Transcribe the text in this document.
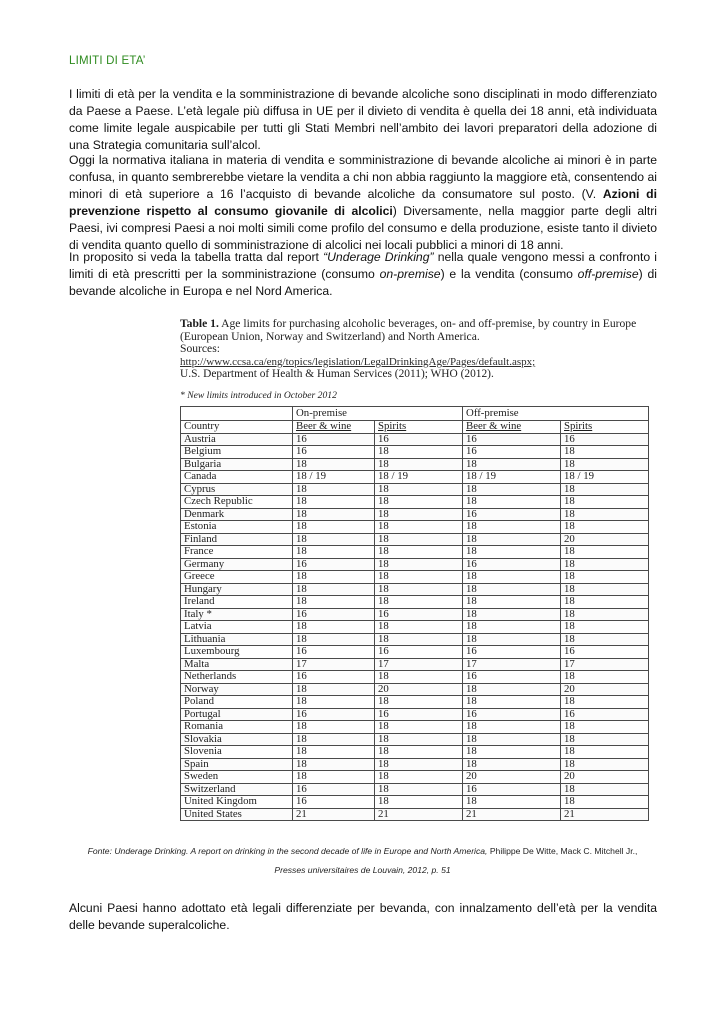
LIMITI DI ETA’
I limiti di età per la vendita e la somministrazione di bevande alcoliche sono disciplinati in modo differenziato da Paese a Paese. L’età legale più diffusa in UE per il divieto di vendita è quella dei 18 anni, età individuata come limite legale auspicabile per tutti gli Stati Membri nell’ambito dei lavori preparatori della adozione di una Strategia comunitaria sull’alcol.
Oggi la normativa italiana in materia di vendita e somministrazione di bevande alcoliche ai minori è in parte confusa, in quanto sembrerebbe vietare la vendita a chi non abbia raggiunto la maggiore età, consentendo ai minori di età superiore a 16 l’acquisto di bevande alcoliche da consumatore sul posto. (V. Azioni di prevenzione rispetto al consumo giovanile di alcolici) Diversamente, nella maggior parte degli altri Paesi, ivi compresi Paesi a noi molti simili come profilo del consumo e della produzione, esiste tanto il divieto di vendita quanto quello di somministrazione di alcolici nei locali pubblici a minori di 18 anni.
In proposito si veda la tabella tratta dal report “Underage Drinking” nella quale vengono messi a confronto i limiti di età prescritti per la somministrazione (consumo on-premise) e la vendita (consumo off-premise) di bevande alcoliche in Europa e nel Nord America.
Table 1. Age limits for purchasing alcoholic beverages, on- and off-premise, by country in Europe (European Union, Norway and Switzerland) and North America.
Sources:
http://www.ccsa.ca/eng/topics/legislation/LegalDrinkingAge/Pages/default.aspx;
U.S. Department of Health & Human Services (2011); WHO (2012).
* New limits introduced in October 2012
	On-premise		Off-premise	
Country	Beer & wine	Spirits	Beer & wine	Spirits
Austria	16	16	16	16
Belgium	16	18	16	18
Bulgaria	18	18	18	18
Canada	18 / 19	18 / 19	18 / 19	18 / 19
Cyprus	18	18	18	18
Czech Republic	18	18	18	18
Denmark	18	18	16	18
Estonia	18	18	18	18
Finland	18	18	18	20
France	18	18	18	18
Germany	16	18	16	18
Greece	18	18	18	18
Hungary	18	18	18	18
Ireland	18	18	18	18
Italy *	16	16	18	18
Latvia	18	18	18	18
Lithuania	18	18	18	18
Luxembourg	16	16	16	16
Malta	17	17	17	17
Netherlands	16	18	16	18
Norway	18	20	18	20
Poland	18	18	18	18
Portugal	16	16	16	16
Romania	18	18	18	18
Slovakia	18	18	18	18
Slovenia	18	18	18	18
Spain	18	18	18	18
Sweden	18	18	20	20
Switzerland	16	18	16	18
United Kingdom	16	18	18	18
United States	21	21	21	21
Fonte: Underage Drinking. A report on drinking in the second decade of life in Europe and North America, Philippe De Witte, Mack C. Mitchell Jr.,
Presses universitaires de Louvain, 2012, p. 51
Alcuni Paesi hanno adottato età legali differenziate per bevanda, con innalzamento dell’età per la vendita delle bevande superalcoliche.
